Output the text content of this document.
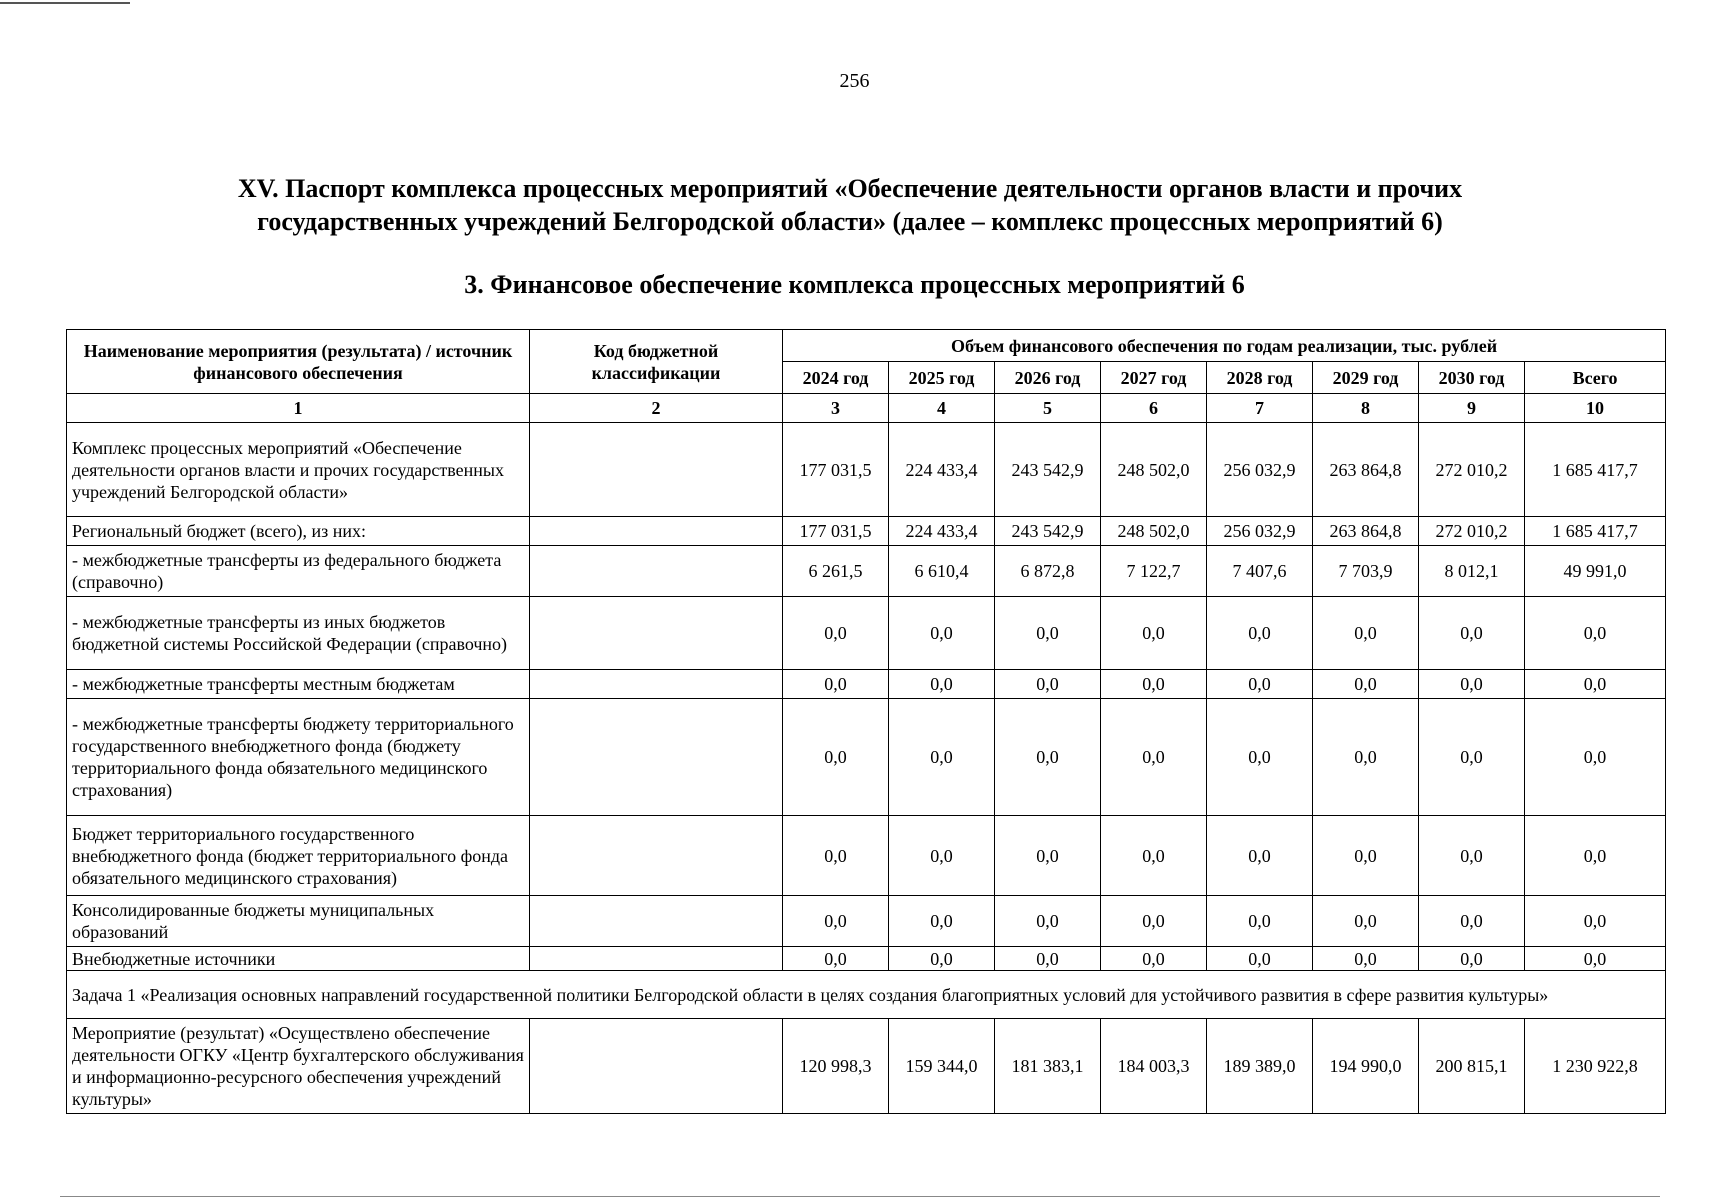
256
XV. Паспорт комплекса процессных мероприятий «Обеспечение деятельности органов власти и прочих
государственных учреждений Белгородской области» (далее – комплекс процессных мероприятий 6)
3. Финансовое обеспечение комплекса процессных мероприятий 6
Наименование мероприятия (результата) / источник финансового обеспечения	Код бюджетной классификации	Объем финансового обеспечения по годам реализации, тыс. рублей							
		2024 год	2025 год	2026 год	2027 год	2028 год	2029 год	2030 год	Всего
1	2	3	4	5	6	7	8	9	10
Комплекс процессных мероприятий «Обеспечение деятельности органов власти и прочих государственных учреждений Белгородской области»		177 031,5	224 433,4	243 542,9	248 502,0	256 032,9	263 864,8	272 010,2	1 685 417,7
Региональный бюджет (всего), из них:		177 031,5	224 433,4	243 542,9	248 502,0	256 032,9	263 864,8	272 010,2	1 685 417,7
- межбюджетные трансферты из федерального бюджета (справочно)		6 261,5	6 610,4	6 872,8	7 122,7	7 407,6	7 703,9	8 012,1	49 991,0
- межбюджетные трансферты из иных бюджетов бюджетной системы Российской Федерации (справочно)		0,0	0,0	0,0	0,0	0,0	0,0	0,0	0,0
- межбюджетные трансферты местным бюджетам		0,0	0,0	0,0	0,0	0,0	0,0	0,0	0,0
- межбюджетные трансферты бюджету территориального государственного внебюджетного фонда (бюджету территориального фонда обязательного медицинского страхования)		0,0	0,0	0,0	0,0	0,0	0,0	0,0	0,0
Бюджет территориального государственного внебюджетного фонда (бюджет территориального фонда обязательного медицинского страхования)		0,0	0,0	0,0	0,0	0,0	0,0	0,0	0,0
Консолидированные бюджеты муниципальных образований		0,0	0,0	0,0	0,0	0,0	0,0	0,0	0,0
Внебюджетные источники		0,0	0,0	0,0	0,0	0,0	0,0	0,0	0,0
Задача 1 «Реализация основных направлений государственной политики Белгородской области в целях создания благоприятных условий для устойчивого развития в сфере развития культуры»									
Мероприятие (результат) «Осуществлено обеспечение деятельности ОГКУ «Центр бухгалтерского обслуживания и информационно-ресурсного обеспечения учреждений культуры»		120 998,3	159 344,0	181 383,1	184 003,3	189 389,0	194 990,0	200 815,1	1 230 922,8
